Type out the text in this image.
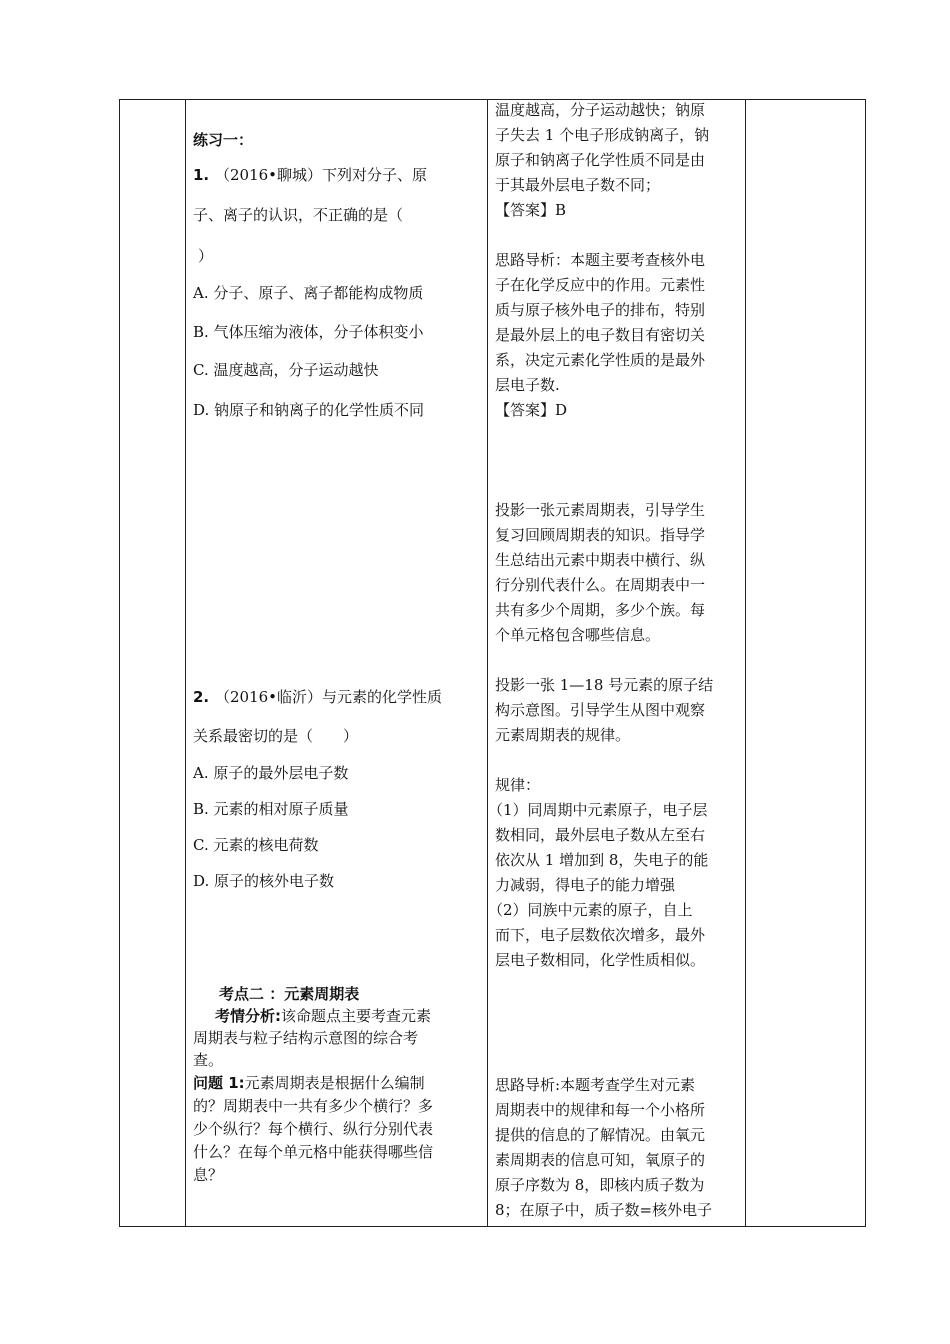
练习一：
1. （2016•聊城）下列对分子、原
子、离子的认识，不正确的是（
）
A. 分子、原子、离子都能构成物质
B. 气体压缩为液体，分子体积变小
C. 温度越高，分子运动越快
D. 钠原子和钠离子的化学性质不同
2. （2016•临沂）与元素的化学性质
关系最密切的是（　　）
A. 原子的最外层电子数
B. 元素的相对原子质量
C. 元素的核电荷数
D. 原子的核外电子数
考点二 ：元素周期表
考情分析:该命题点主要考查元素
周期表与粒子结构示意图的综合考
查。
问题 1:元素周期表是根据什么编制
的？周期表中一共有多少个横行？多
少个纵行？每个横行、纵行分别代表
什么？在每个单元格中能获得哪些信
息？
温度越高，分子运动越快；钠原
子失去 1 个电子形成钠离子，钠
原子和钠离子化学性质不同是由
于其最外层电子数不同；
【答案】B
思路导析：本题主要考查核外电
子在化学反应中的作用。元素性
质与原子核外电子的排布，特别
是最外层上的电子数目有密切关
系，决定元素化学性质的是最外
层电子数.
【答案】D
投影一张元素周期表，引导学生
复习回顾周期表的知识。指导学
生总结出元素中期表中横行、纵
行分别代表什么。在周期表中一
共有多少个周期，多少个族。每
个单元格包含哪些信息。
投影一张 1—18 号元素的原子结
构示意图。引导学生从图中观察
元素周期表的规律。
规律：
（1）同周期中元素原子，电子层
数相同，最外层电子数从左至右
依次从 1 增加到 8，失电子的能
力减弱，得电子的能力增强
（2）同族中元素的原子，自上
而下，电子层数依次增多，最外
层电子数相同，化学性质相似。
思路导析:本题考查学生对元素
周期表中的规律和每一个小格所
提供的信息的了解情况。由氧元
素周期表的信息可知，氧原子的
原子序数为 8，即核内质子数为
8；在原子中，质子数=核外电子
